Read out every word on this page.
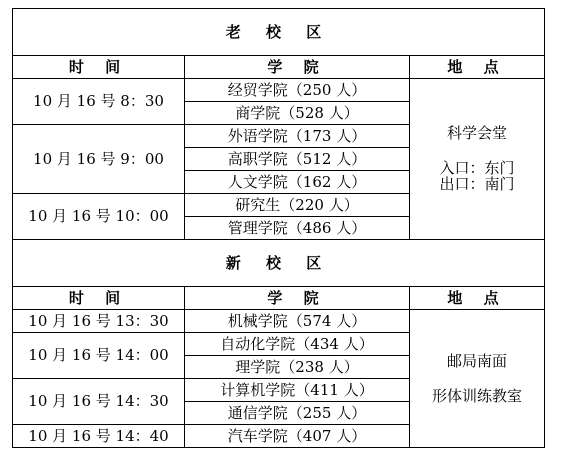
老 校 区		
时 间	学 院	地 点
10 月 16 号 8：30	经贸学院（250 人）	科学会堂
入口：东门
出口：南门

	商学院（528 人）	
10 月 16 号 9：00	外语学院（173 人）	
	高职学院（512 人）	
	人文学院（162 人）	
10 月 16 号 10：00	研究生（220 人）	
	管理学院（486 人）	
新 校 区		
时 间	学 院	地 点
10 月 16 号 13：30	机械学院（574 人）	邮局南面
形体训练教室

10 月 16 号 14：00	自动化学院（434 人）	
	理学院（238 人）	
10 月 16 号 14：30	计算机学院（411 人）	
	通信学院（255 人）	
10 月 16 号 14：40	汽车学院（407 人）	
